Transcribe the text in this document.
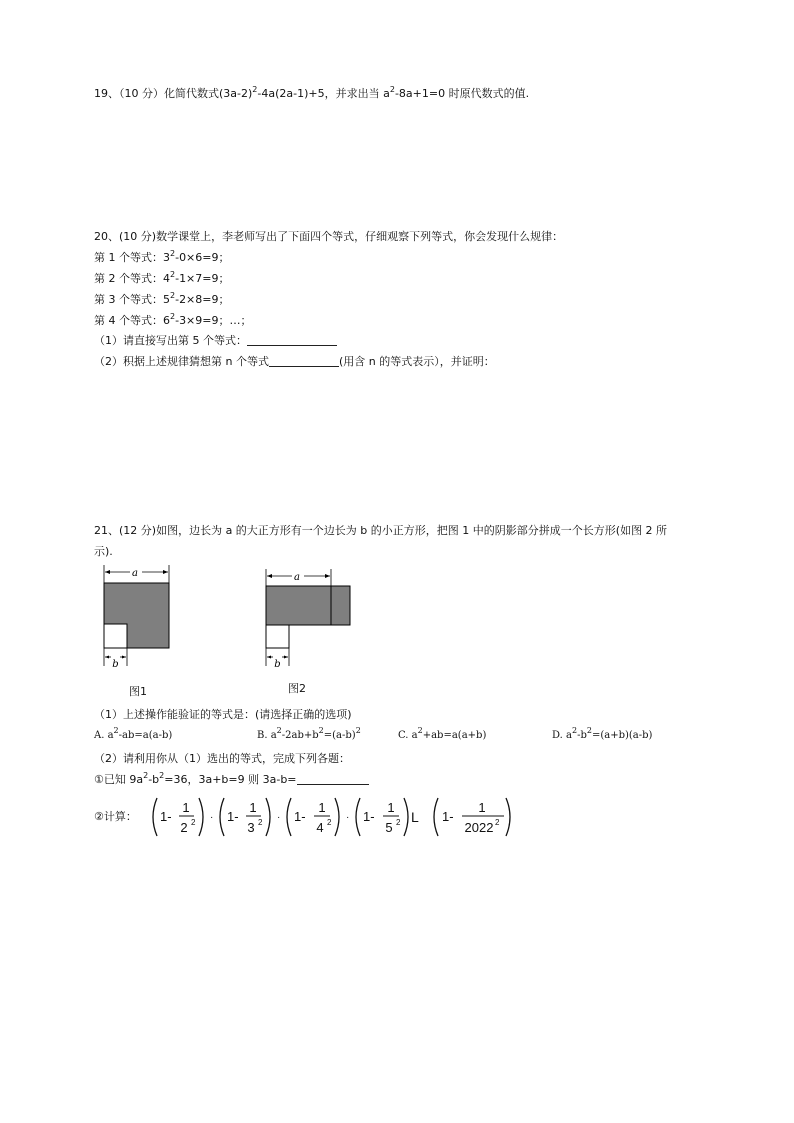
19、（10 分）化简代数式$(3a-2)^2-4a(2a-1)+5$，并求出当 $a^2-8a+1=0$ 时原代数式的值.
20、(10 分)数学课堂上，李老师写出了下面四个等式，仔细观察下列等式，你会发现什么规律：
第 1 个等式：$3^2-0\times 6=9$；
第 2 个等式：$4^2-1\times 7=9$；
第 3 个等式：$5^2-2\times 8=9$；
第 4 个等式：$6^2-3\times 9=9$；…；
（1）请直接写出第 5 个等式：
（2）积据上述规律猜想第 n 个等式	(用含 n 的等式表示），并证明：
21、(12 分)如图，边长为 a 的大正方形有一个边长为 b 的小正方形，把图 1 中的阴影部分拼成一个长方形(如图 2 所
示).
a
b
图1
a
b
图2
（1）上述操作能验证的等式是：(请选择正确的选项)
A. $a^2-ab=a(a-b)$	B. $a^2-2ab+b^2=(a-b)^2$	C. $a^2+ab=a(a+b)$	D. $a^2-b^2=(a+b)(a-b)$
（2）请利用你从（1）选出的等式，完成下列各题：
①已知 $9a^2-b^2=36$，3a+b=9 则 3a-b=
②计算： 1-
1
2 2 · 1-
1
3 2 · 1-
1
4 2 · 1-
1
5 2 L 1-
1
2022 2
